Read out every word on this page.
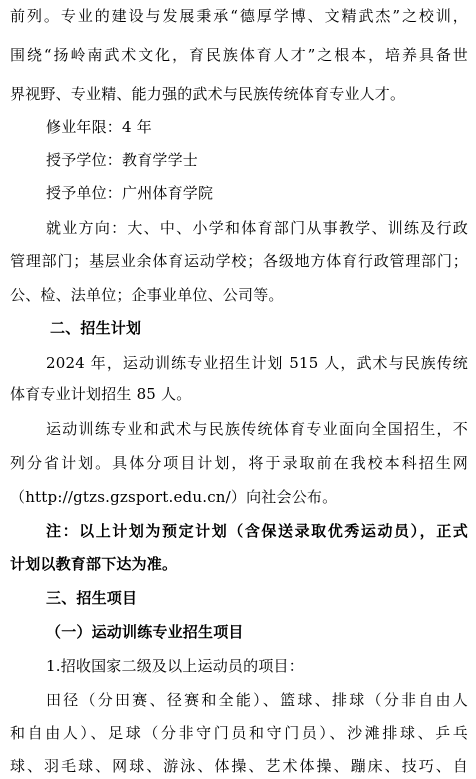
前列。专业的建设与发展秉承“德厚学博、文精武杰”之校训，
围绕“扬岭南武术文化，育民族体育人才”之根本，培养具备世
界视野、专业精、能力强的武术与民族传统体育专业人才。
修业年限：4 年
授予学位：教育学学士
授予单位：广州体育学院
就业方向：大、中、小学和体育部门从事教学、训练及行政
管理部门；基层业余体育运动学校；各级地方体育行政管理部门；
公、检、法单位；企事业单位、公司等。
二、招生计划
2024 年，运动训练专业招生计划 515 人，武术与民族传统
体育专业计划招生 85 人。
运动训练专业和武术与民族传统体育专业面向全国招生，不
列分省计划。具体分项目计划，将于录取前在我校本科招生网
（http://gtzs.gzsport.edu.cn/）向社会公布。
注：以上计划为预定计划（含保送录取优秀运动员），正式
计划以教育部下达为准。
三、招生项目
（一）运动训练专业招生项目
1.招收国家二级及以上运动员的项目：
田径（分田赛、径赛和全能）、篮球、排球（分非自由人
和自由人）、足球（分非守门员和守门员）、沙滩排球、乒乓
球、羽毛球、网球、游泳、体操、艺术体操、蹦床、技巧、自
